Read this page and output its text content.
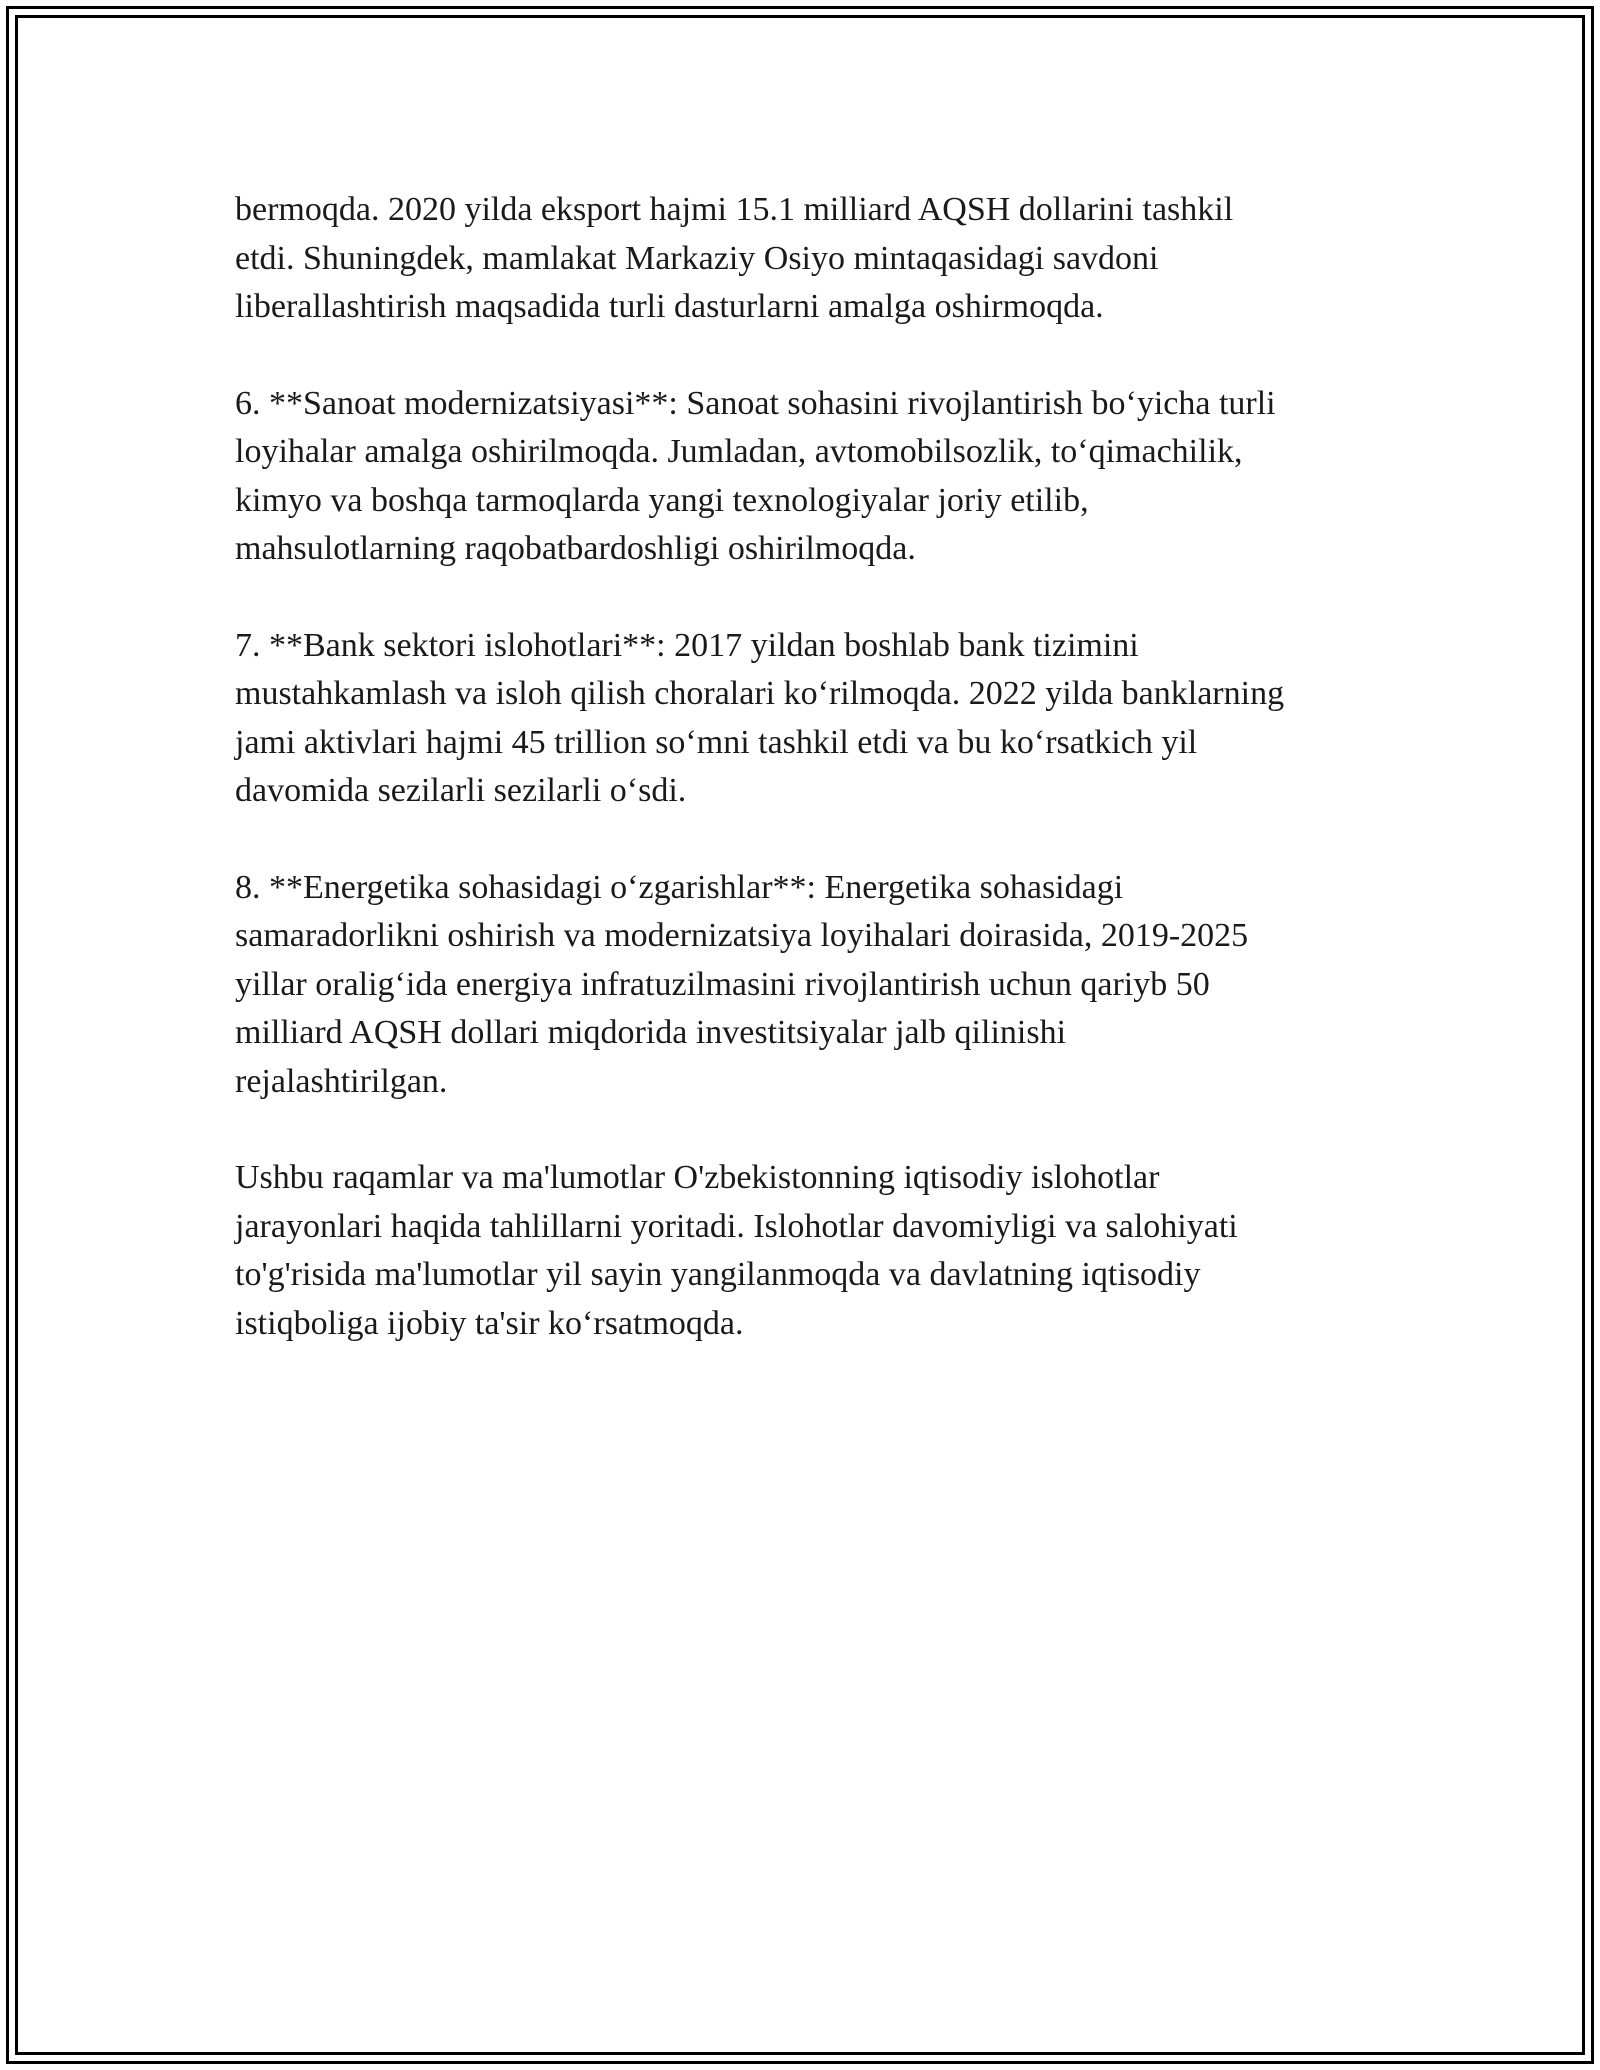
bermoqda. 2020 yilda eksport hajmi 15.1 milliard AQSH dollarini tashkil
etdi. Shuningdek, mamlakat Markaziy Osiyo mintaqasidagi savdoni
liberallashtirish maqsadida turli dasturlarni amalga oshirmoqda.

6. **Sanoat modernizatsiyasi**: Sanoat sohasini rivojlantirish bo‘yicha turli
loyihalar amalga oshirilmoqda. Jumladan, avtomobilsozlik, to‘qimachilik,
kimyo va boshqa tarmoqlarda yangi texnologiyalar joriy etilib,
mahsulotlarning raqobatbardoshligi oshirilmoqda.

7. **Bank sektori islohotlari**: 2017 yildan boshlab bank tizimini
mustahkamlash va isloh qilish choralari ko‘rilmoqda. 2022 yilda banklarning
jami aktivlari hajmi 45 trillion so‘mni tashkil etdi va bu ko‘rsatkich yil
davomida sezilarli sezilarli o‘sdi.

8. **Energetika sohasidagi o‘zgarishlar**: Energetika sohasidagi
samaradorlikni oshirish va modernizatsiya loyihalari doirasida, 2019-2025
yillar oralig‘ida energiya infratuzilmasini rivojlantirish uchun qariyb 50
milliard AQSH dollari miqdorida investitsiyalar jalb qilinishi
rejalashtirilgan.

Ushbu raqamlar va ma'lumotlar O'zbekistonning iqtisodiy islohotlar
jarayonlari haqida tahlillarni yoritadi. Islohotlar davomiyligi va salohiyati
to'g'risida ma'lumotlar yil sayin yangilanmoqda va davlatning iqtisodiy
istiqboliga ijobiy ta'sir ko‘rsatmoqda.
